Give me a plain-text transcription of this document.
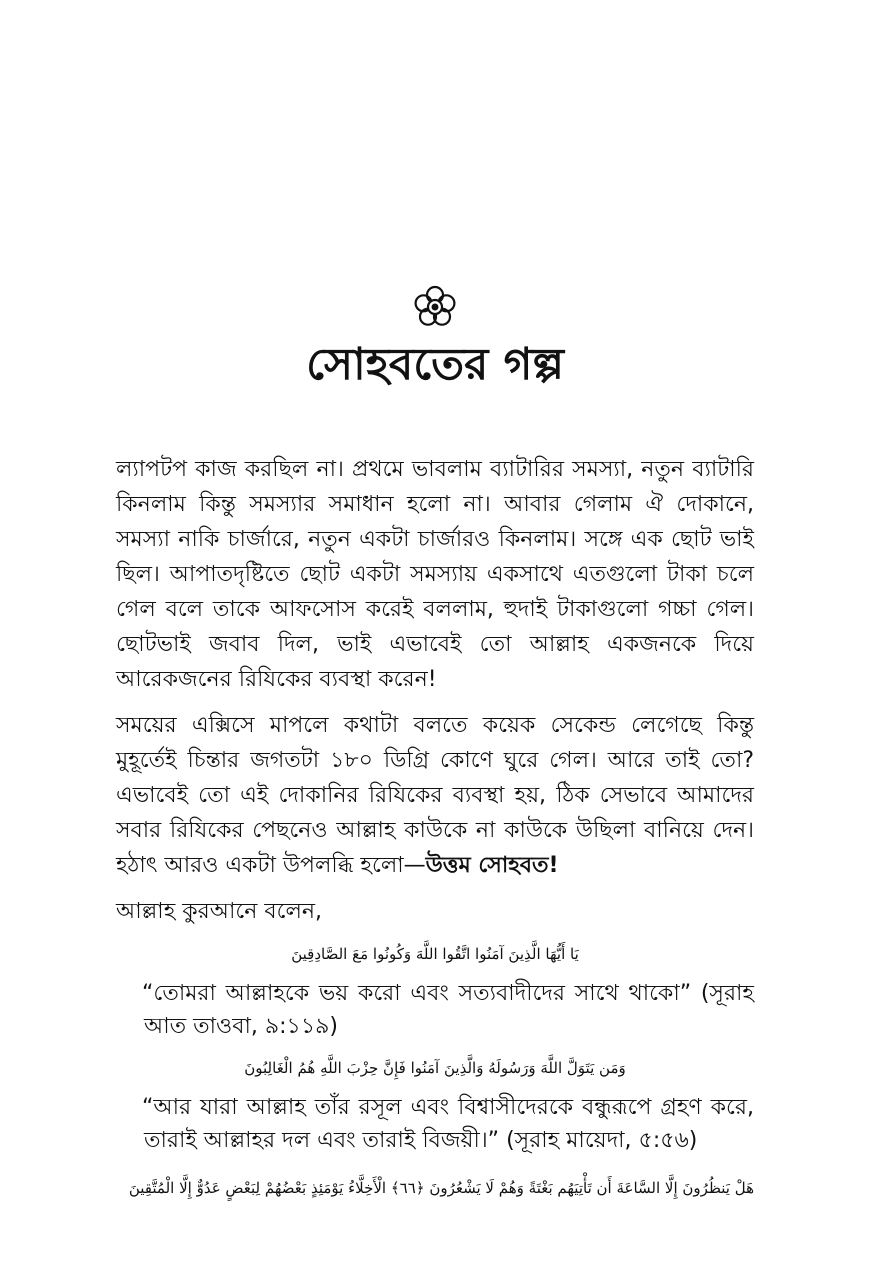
সোহবতের গল্প

ল্যাপটপ কাজ করছিল না। প্রথমে ভাবলাম ব্যাটারির সমস্যা, নতুন ব্যাটারি কিনলাম কিন্তু সমস্যার সমাধান হলো না। আবার গেলাম ঐ দোকানে, সমস্যা নাকি চার্জারে, নতুন একটা চার্জারও কিনলাম। সঙ্গে এক ছোট ভাই ছিল। আপাতদৃষ্টিতে ছোট একটা সমস্যায় একসাথে এতগুলো টাকা চলে গেল বলে তাকে আফসোস করেই বললাম, হুদাই টাকাগুলো গচ্চা গেল। ছোটভাই জবাব দিল, ভাই এভাবেই তো আল্লাহ একজনকে দিয়ে আরেকজনের রিযিকের ব্যবস্থা করেন!

সময়ের এক্সিসে মাপলে কথাটা বলতে কয়েক সেকেন্ড লেগেছে কিন্তু মুহূর্তেই চিন্তার জগতটা ১৮০ ডিগ্রি কোণে ঘুরে গেল। আরে তাই তো? এভাবেই তো এই দোকানির রিযিকের ব্যবস্থা হয়, ঠিক সেভাবে আমাদের সবার রিযিকের পেছনেও আল্লাহ কাউকে না কাউকে উছিলা বানিয়ে দেন। হঠাৎ আরও একটা উপলব্ধি হলো—উত্তম সোহবত!

আল্লাহ কুরআনে বলেন,

يَا أَيُّهَا الَّذِينَ آمَنُوا اتَّقُوا اللَّهَ وَكُونُوا مَعَ الصَّادِقِينَ

“তোমরা আল্লাহকে ভয় করো এবং সত্যবাদীদের সাথে থাকো” (সূরাহ আত তাওবা, ৯:১১৯)

وَمَن يَتَوَلَّ اللَّهَ وَرَسُولَهُ وَالَّذِينَ آمَنُوا فَإِنَّ حِزْبَ اللَّهِ هُمُ الْغَالِبُونَ

“আর যারা আল্লাহ তাঁর রসূল এবং বিশ্বাসীদেরকে বন্ধুরূপে গ্রহণ করে, তারাই আল্লাহর দল এবং তারাই বিজয়ী।” (সূরাহ মায়েদা, ৫:৫৬)

هَلْ يَنظُرُونَ إِلَّا السَّاعَةَ أَن تَأْتِيَهُم بَغْتَةً وَهُمْ لَا يَشْعُرُونَ ﴿٦٦﴾ الْأَخِلَّاءُ يَوْمَئِذٍ بَعْضُهُمْ لِبَعْضٍ عَدُوٌّ إِلَّا الْمُتَّقِينَ
